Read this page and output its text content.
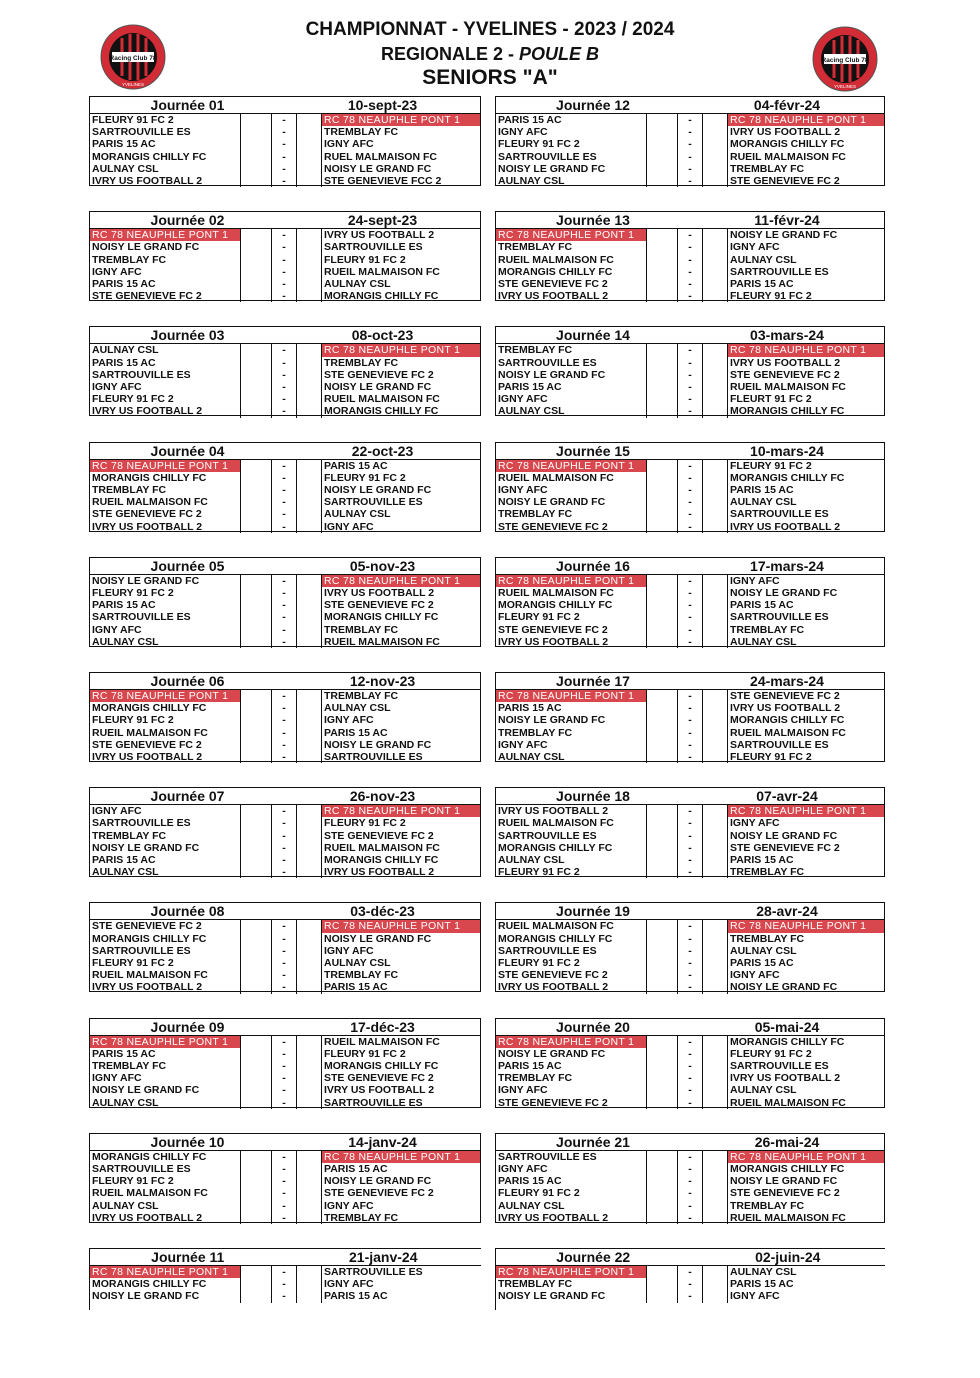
CHAMPIONNAT - YVELINES - 2023 / 2024
REGIONALE 2 - POULE B
SENIORS "A"
Racing Club 78
YVELINES
Racing Club 78
YVELINES
Journée 01	10-sept-23
FLEURY 91 FC 2	-	RC 78 NEAUPHLE PONT 1
SARTROUVILLE ES	-	TREMBLAY FC
PARIS 15 AC	-	IGNY AFC
MORANGIS CHILLY FC	-	RUEL MALMAISON FC
AULNAY CSL	-	NOISY LE GRAND FC
IVRY US FOOTBALL 2	-	STE GENEVIEVE FCC 2
Journée 02	24-sept-23
RC 78 NEAUPHLE PONT 1	-	IVRY US FOOTBALL 2
NOISY LE GRAND FC	-	SARTROUVILLE ES
TREMBLAY FC	-	FLEURY 91 FC 2
IGNY AFC	-	RUEIL MALMAISON FC
PARIS 15 AC	-	AULNAY CSL
STE GENEVIEVE FC 2	-	MORANGIS CHILLY FC
Journée 03	08-oct-23
AULNAY CSL	-	RC 78 NEAUPHLE PONT 1
PARIS 15 AC	-	TREMBLAY FC
SARTROUVILLE ES	-	STE GENEVIEVE FC 2
IGNY AFC	-	NOISY LE GRAND FC
FLEURY 91 FC 2	-	RUEIL MALMAISON FC
IVRY US FOOTBALL 2	-	MORANGIS CHILLY FC
Journée 04	22-oct-23
RC 78 NEAUPHLE PONT 1	-	PARIS 15 AC
MORANGIS CHILLY FC	-	FLEURY 91 FC 2
TREMBLAY FC	-	NOISY LE GRAND FC
RUEIL MALMAISON FC	-	SARTROUVILLE ES
STE GENEVIEVE FC 2	-	AULNAY CSL
IVRY US FOOTBALL 2	-	IGNY AFC
Journée 05	05-nov-23
NOISY LE GRAND FC	-	RC 78 NEAUPHLE PONT 1
FLEURY 91 FC 2	-	IVRY US FOOTBALL 2
PARIS 15 AC	-	STE GENEVIEVE FC 2
SARTROUVILLE ES	-	MORANGIS CHILLY FC
IGNY AFC	-	TREMBLAY FC
AULNAY CSL	-	RUEIL MALMAISON FC
Journée 06	12-nov-23
RC 78 NEAUPHLE PONT 1	-	TREMBLAY FC
MORANGIS CHILLY FC	-	AULNAY CSL
FLEURY 91 FC 2	-	IGNY AFC
RUEIL MALMAISON FC	-	PARIS 15 AC
STE GENEVIEVE FC 2	-	NOISY LE GRAND FC
IVRY US FOOTBALL 2	-	SARTROUVILLE ES
Journée 07	26-nov-23
IGNY AFC	-	RC 78 NEAUPHLE PONT 1
SARTROUVILLE ES	-	FLEURY 91 FC 2
TREMBLAY FC	-	STE GENEVIEVE FC 2
NOISY LE GRAND FC	-	RUEIL MALMAISON FC
PARIS 15 AC	-	MORANGIS CHILLY FC
AULNAY CSL	-	IVRY US FOOTBALL 2
Journée 08	03-déc-23
STE GENEVIEVE FC 2	-	RC 78 NEAUPHLE PONT 1
MORANGIS CHILLY FC	-	NOISY LE GRAND FC
SARTROUVILLE ES	-	IGNY AFC
FLEURY 91 FC 2	-	AULNAY CSL
RUEIL MALMAISON FC	-	TREMBLAY FC
IVRY US FOOTBALL 2	-	PARIS 15 AC
Journée 09	17-déc-23
RC 78 NEAUPHLE PONT 1	-	RUEIL MALMAISON FC
PARIS 15 AC	-	FLEURY 91 FC 2
TREMBLAY FC	-	MORANGIS CHILLY FC
IGNY AFC	-	STE GENEVIEVE FC 2
NOISY LE GRAND FC	-	IVRY US FOOTBALL 2
AULNAY CSL	-	SARTROUVILLE ES
Journée 10	14-janv-24
MORANGIS CHILLY FC	-	RC 78 NEAUPHLE PONT 1
SARTROUVILLE ES	-	PARIS 15 AC
FLEURY 91 FC 2	-	NOISY LE GRAND FC
RUEIL MALMAISON FC	-	STE GENEVIEVE FC 2
AULNAY CSL	-	IGNY AFC
IVRY US FOOTBALL 2	-	TREMBLAY FC
Journée 11	21-janv-24
RC 78 NEAUPHLE PONT 1	-	SARTROUVILLE ES
MORANGIS CHILLY FC	-	IGNY AFC
NOISY LE GRAND FC	-	PARIS 15 AC
Journée 12	04-févr-24
PARIS 15 AC	-	RC 78 NEAUPHLE PONT 1
IGNY AFC	-	IVRY US FOOTBALL 2
FLEURY 91 FC 2	-	MORANGIS CHILLY FC
SARTROUVILLE ES	-	RUEIL MALMAISON FC
NOISY LE GRAND FC	-	TREMBLAY FC
AULNAY CSL	-	STE GENEVIEVE FC 2
Journée 13	11-févr-24
RC 78 NEAUPHLE PONT 1	-	NOISY LE GRAND FC
TREMBLAY FC	-	IGNY AFC
RUEIL MALMAISON FC	-	AULNAY CSL
MORANGIS CHILLY FC	-	SARTROUVILLE ES
STE GENEVIEVE FC 2	-	PARIS 15 AC
IVRY US FOOTBALL 2	-	FLEURY 91 FC 2
Journée 14	03-mars-24
TREMBLAY FC	-	RC 78 NEAUPHLE PONT 1
SARTROUVILLE ES	-	IVRY US FOOTBALL 2
NOISY LE GRAND FC	-	STE GENEVIEVE FC 2
PARIS 15 AC	-	RUEIL MALMAISON FC
IGNY AFC	-	FLEURT 91 FC 2
AULNAY CSL	-	MORANGIS CHILLY FC
Journée 15	10-mars-24
RC 78 NEAUPHLE PONT 1	-	FLEURY 91 FC 2
RUEIL MALMAISON FC	-	MORANGIS CHILLY FC
IGNY AFC	-	PARIS 15 AC
NOISY LE GRAND FC	-	AULNAY CSL
TREMBLAY FC	-	SARTROUVILLE ES
STE GENEVIEVE FC 2	-	IVRY US FOOTBALL 2
Journée 16	17-mars-24
RC 78 NEAUPHLE PONT 1	-	IGNY AFC
RUEIL MALMAISON FC	-	NOISY LE GRAND FC
MORANGIS CHILLY FC	-	PARIS 15 AC
FLEURY 91 FC 2	-	SARTROUVILLE ES
STE GENEVIEVE FC 2	-	TREMBLAY FC
IVRY US FOOTBALL 2	-	AULNAY CSL
Journée 17	24-mars-24
RC 78 NEAUPHLE PONT 1	-	STE GENEVIEVE FC 2
PARIS 15 AC	-	IVRY US FOOTBALL 2
NOISY LE GRAND FC	-	MORANGIS CHILLY FC
TREMBLAY FC	-	RUEIL MALMAISON FC
IGNY AFC	-	SARTROUVILLE ES
AULNAY CSL	-	FLEURY 91 FC 2
Journée 18	07-avr-24
IVRY US FOOTBALL 2	-	RC 78 NEAUPHLE PONT 1
RUEIL MALMAISON FC	-	IGNY AFC
SARTROUVILLE ES	-	NOISY LE GRAND FC
MORANGIS CHILLY FC	-	STE GENEVIEVE FC 2
AULNAY CSL	-	PARIS 15 AC
FLEURY 91 FC 2	-	TREMBLAY FC
Journée 19	28-avr-24
RUEIL MALMAISON FC	-	RC 78 NEAUPHLE PONT 1
MORANGIS CHILLY FC	-	TREMBLAY FC
SARTROUVILLE ES	-	AULNAY CSL
FLEURY 91 FC 2	-	PARIS 15 AC
STE GENEVIEVE FC 2	-	IGNY AFC
IVRY US FOOTBALL 2	-	NOISY LE GRAND FC
Journée 20	05-mai-24
RC 78 NEAUPHLE PONT 1	-	MORANGIS CHILLY FC
NOISY LE GRAND FC	-	FLEURY 91 FC 2
PARIS 15 AC	-	SARTROUVILLE ES
TREMBLAY FC	-	IVRY US FOOTBALL 2
IGNY AFC	-	AULNAY CSL
STE GENEVIEVE FC 2	-	RUEIL MALMAISON FC
Journée 21	26-mai-24
SARTROUVILLE ES	-	RC 78 NEAUPHLE PONT 1
IGNY AFC	-	MORANGIS CHILLY FC
PARIS 15 AC	-	NOISY LE GRAND FC
FLEURY 91 FC 2	-	STE GENEVIEVE FC 2
AULNAY CSL	-	TREMBLAY FC
IVRY US FOOTBALL 2	-	RUEIL MALMAISON FC
Journée 22	02-juin-24
RC 78 NEAUPHLE PONT 1	-	AULNAY CSL
TREMBLAY FC	-	PARIS 15 AC
NOISY LE GRAND FC	-	IGNY AFC
